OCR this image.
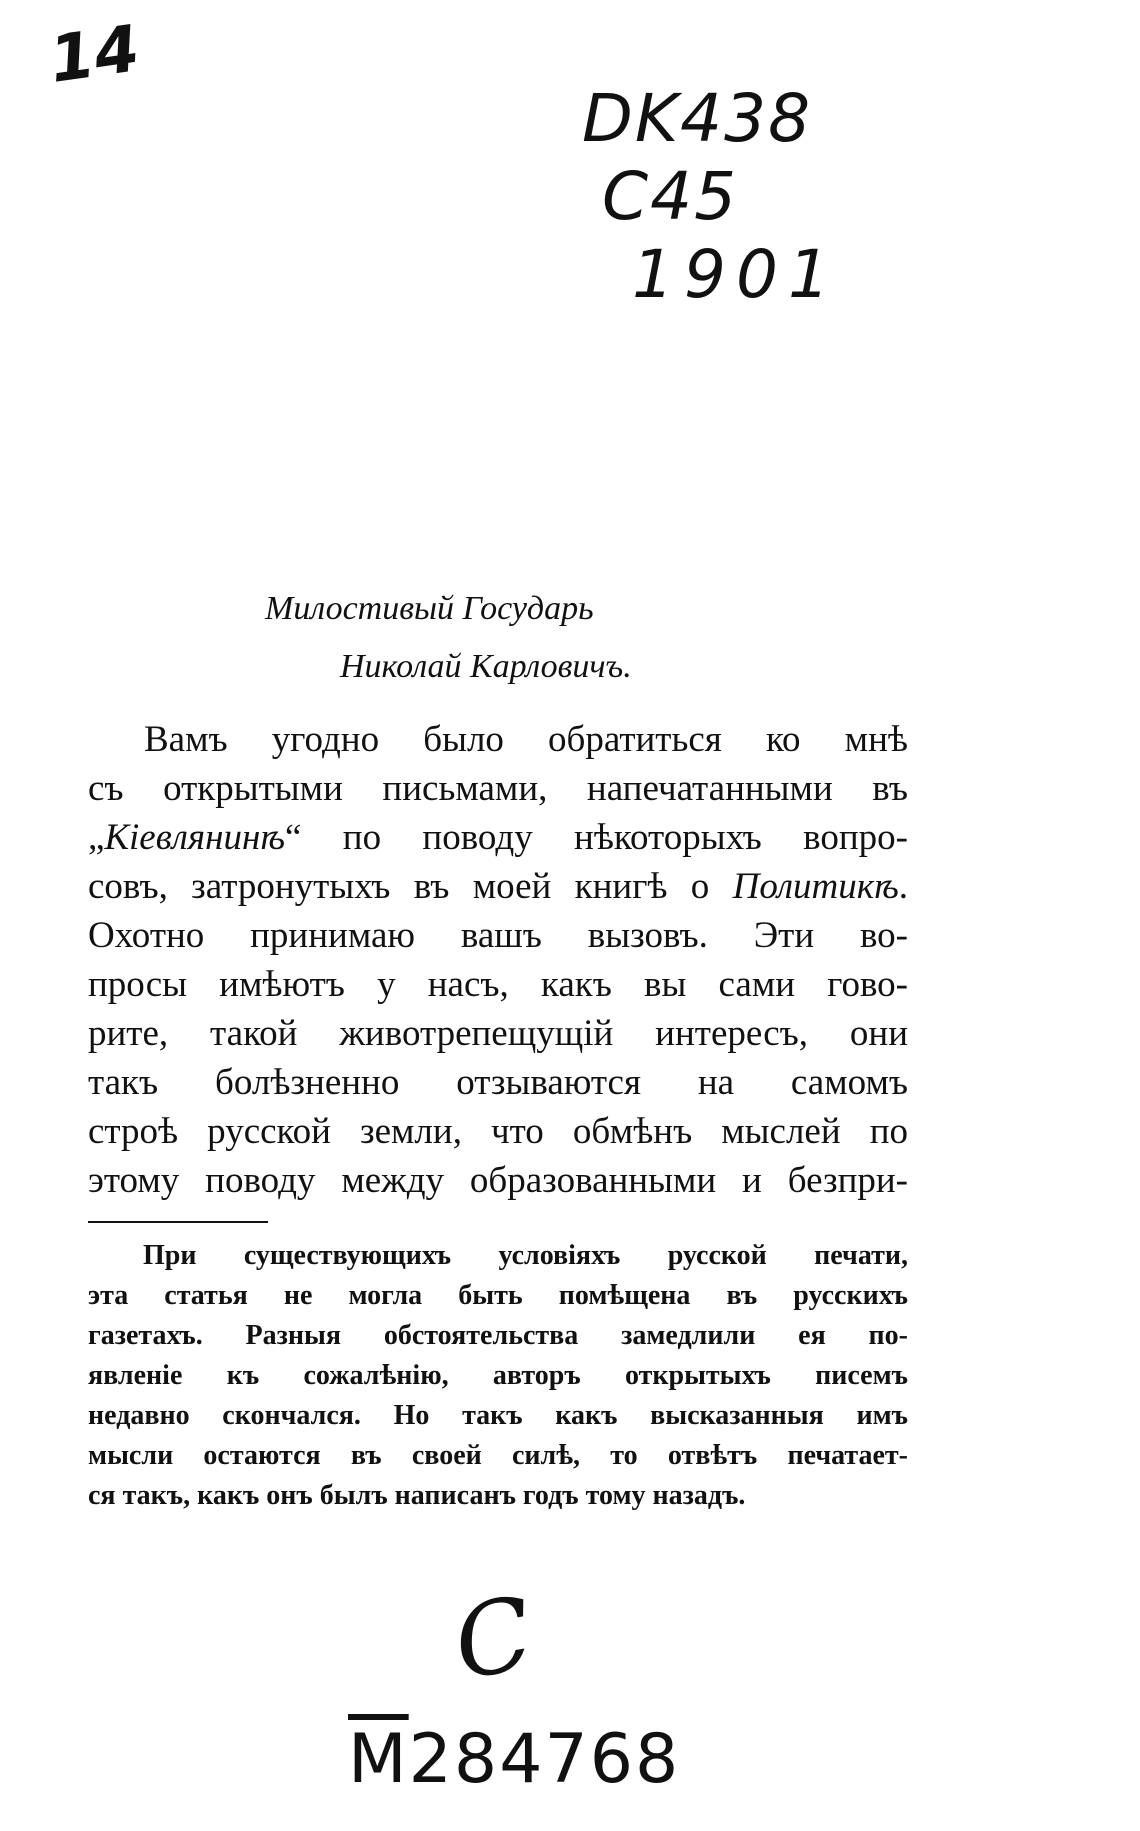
14
DK438
C45
1901
Милостивый Государь
Николай Карловичъ.
Вамъ угодно было обратиться ко мнѣ
съ открытыми письмами, напечатанными въ
„Кіевлянинѣ“ по поводу нѣкоторыхъ вопро-
совъ, затронутыхъ въ моей книгѣ о Политикѣ.
Охотно принимаю вашъ вызовъ. Эти во-
просы имѣютъ у насъ, какъ вы сами гово-
рите, такой животрепещущій интересъ, они
такъ болѣзненно отзываются на самомъ
строѣ русской земли, что обмѣнъ мыслей по
этому поводу между образованными и безпри-
При существующихъ условіяхъ русской печати,
эта статья не могла быть помѣщена въ русскихъ
газетахъ. Разныя обстоятельства замедлили ея по-
явленіе къ сожалѣнію, авторъ открытыхъ писемъ
недавно скончался. Но такъ какъ высказанныя имъ
мысли остаются въ своей силѣ, то отвѣтъ печатает-
ся такъ, какъ онъ былъ написанъ годъ тому назадъ.
C
$\overline{M}284768$
